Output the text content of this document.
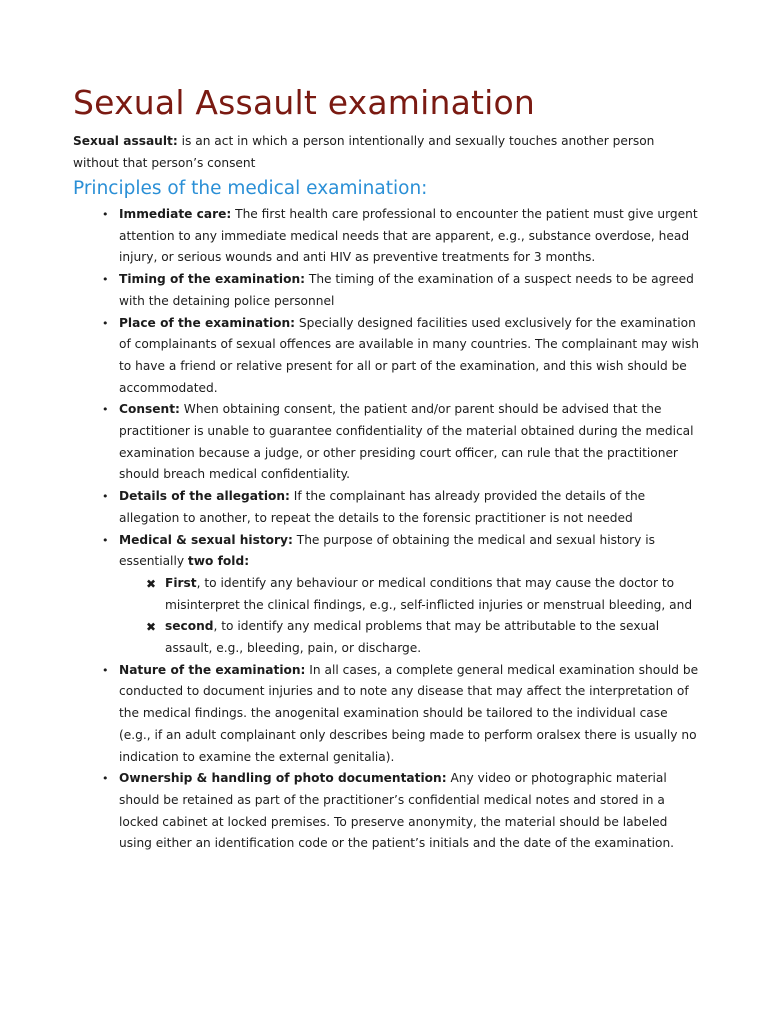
Sexual Assault examination

Sexual assault: is an act in which a person intentionally and sexually touches another person without that person’s consent

Principles of the medical examination:
• Immediate care: The first health care professional to encounter the patient must give urgent attention to any immediate medical needs that are apparent, e.g., substance overdose, head injury, or serious wounds and anti HIV as preventive treatments for 3 months.
• Timing of the examination: The timing of the examination of a suspect needs to be agreed with the detaining police personnel
• Place of the examination: Specially designed facilities used exclusively for the examination of complainants of sexual offences are available in many countries. The complainant may wish to have a friend or relative present for all or part of the examination, and this wish should be accommodated.
• Consent: When obtaining consent, the patient and/or parent should be advised that the practitioner is unable to guarantee confidentiality of the material obtained during the medical examination because a judge, or other presiding court officer, can rule that the practitioner should breach medical confidentiality.
• Details of the allegation: If the complainant has already provided the details of the allegation to another, to repeat the details to the forensic practitioner is not needed
• Medical & sexual history: The purpose of obtaining the medical and sexual history is essentially two fold:
✖ First, to identify any behaviour or medical conditions that may cause the doctor to misinterpret the clinical findings, e.g., self-inflicted injuries or menstrual bleeding, and
✖ second, to identify any medical problems that may be attributable to the sexual assault, e.g., bleeding, pain, or discharge.
• Nature of the examination: In all cases, a complete general medical examination should be conducted to document injuries and to note any disease that may affect the interpretation of the medical findings. the anogenital examination should be tailored to the individual case (e.g., if an adult complainant only describes being made to perform oralsex there is usually no indication to examine the external genitalia).
• Ownership & handling of photo documentation: Any video or photographic material should be retained as part of the practitioner’s confidential medical notes and stored in a locked cabinet at locked premises. To preserve anonymity, the material should be labeled using either an identification code or the patient’s initials and the date of the examination.
